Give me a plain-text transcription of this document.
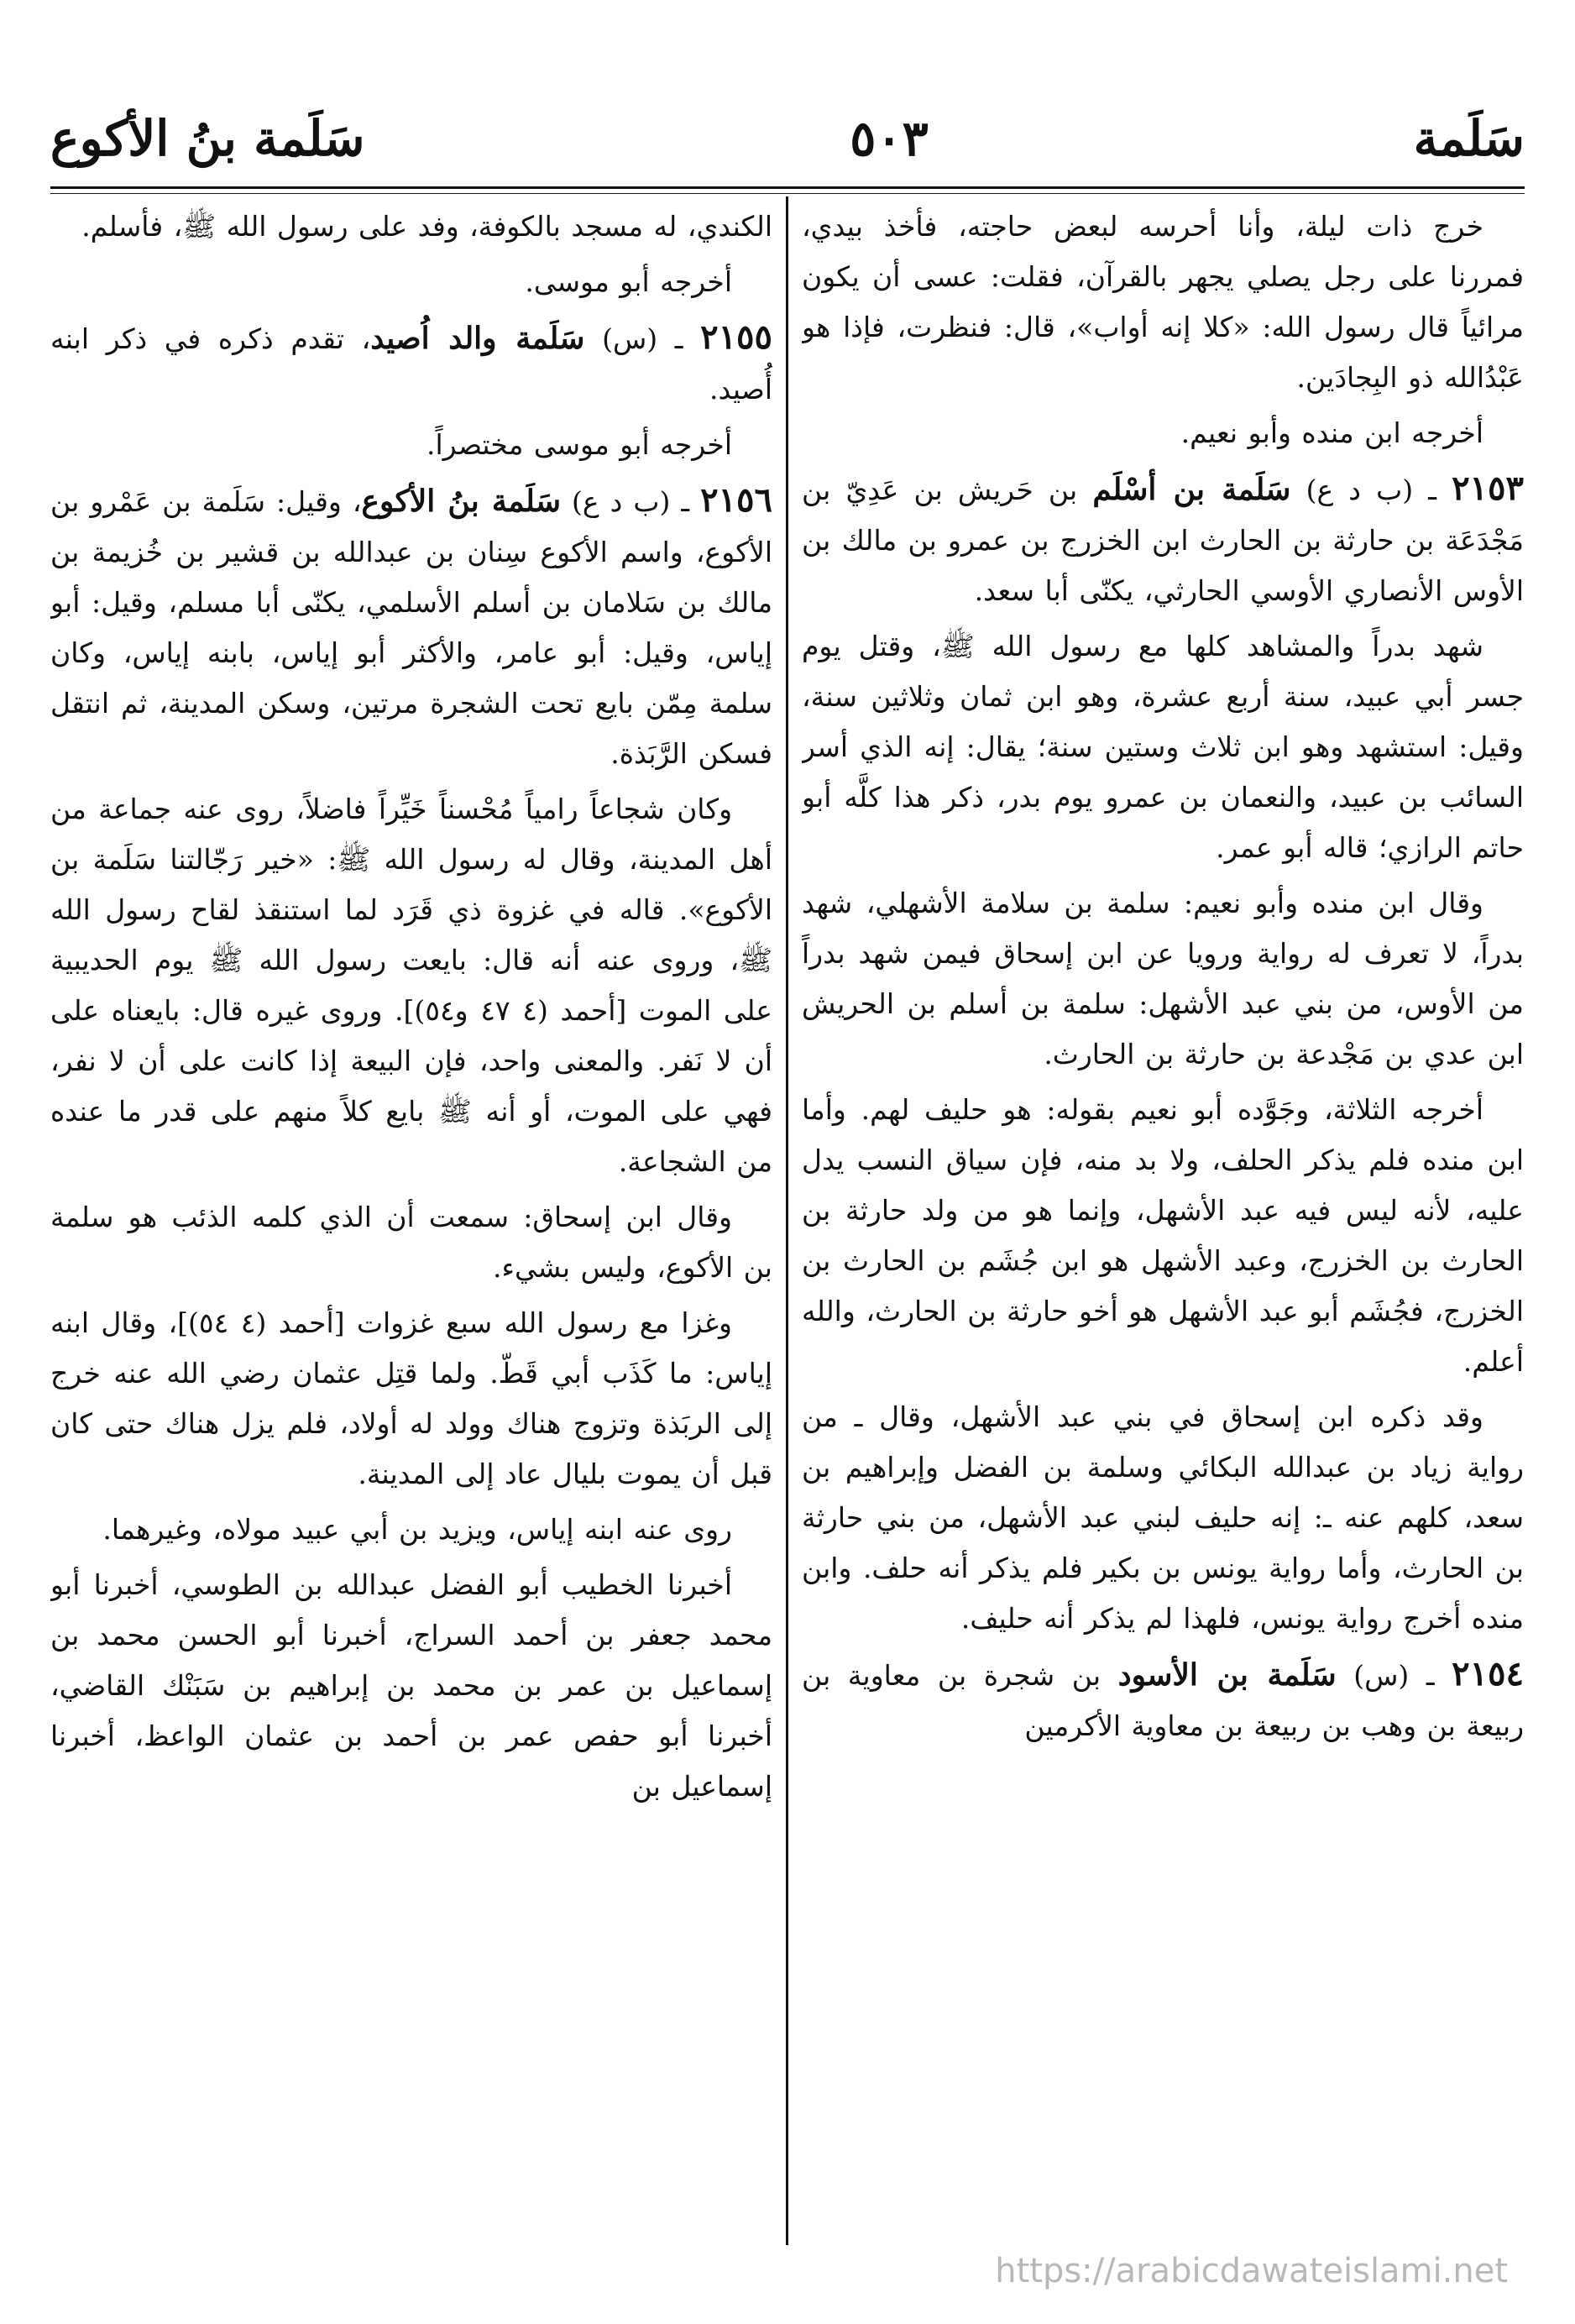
سَلَمة
٥٠٣
سَلَمة بنُ الأكوع

خرج ذات ليلة، وأنا أحرسه لبعض حاجته، فأخذ بيدي، فمررنا على رجل يصلي يجهر بالقرآن، فقلت: عسى أن يكون مرائياً قال رسول الله: «كلا إنه أواب»، قال: فنظرت، فإذا هو عَبْدُالله ذو البِجادَين.

أخرجه ابن منده وأبو نعيم.

٢١٥٣ ـ (ب د ع) سَلَمة بن أسْلَم بن حَريش بن عَدِيّ بن مَجْدَعَة بن حارثة بن الحارث ابن الخزرج بن عمرو بن مالك بن الأوس الأنصاري الأوسي الحارثي، يكنّى أبا سعد.

شهد بدراً والمشاهد كلها مع رسول الله ﷺ، وقتل يوم جسر أبي عبيد، سنة أربع عشرة، وهو ابن ثمان وثلاثين سنة، وقيل: استشهد وهو ابن ثلاث وستين سنة؛ يقال: إنه الذي أسر السائب بن عبيد، والنعمان بن عمرو يوم بدر، ذكر هذا كلَّه أبو حاتم الرازي؛ قاله أبو عمر.

وقال ابن منده وأبو نعيم: سلمة بن سلامة الأشهلي، شهد بدراً، لا تعرف له رواية ورويا عن ابن إسحاق فيمن شهد بدراً من الأوس، من بني عبد الأشهل: سلمة بن أسلم بن الحريش ابن عدي بن مَجْدعة بن حارثة بن الحارث.

أخرجه الثلاثة، وجَوَّده أبو نعيم بقوله: هو حليف لهم. وأما ابن منده فلم يذكر الحلف، ولا بد منه، فإن سياق النسب يدل عليه، لأنه ليس فيه عبد الأشهل، وإنما هو من ولد حارثة بن الحارث بن الخزرج، وعبد الأشهل هو ابن جُشَم بن الحارث بن الخزرج، فجُشَم أبو عبد الأشهل هو أخو حارثة بن الحارث، والله أعلم.

وقد ذكره ابن إسحاق في بني عبد الأشهل، وقال ـ من رواية زياد بن عبدالله البكائي وسلمة بن الفضل وإبراهيم بن سعد، كلهم عنه ـ: إنه حليف لبني عبد الأشهل، من بني حارثة بن الحارث، وأما رواية يونس بن بكير فلم يذكر أنه حلف. وابن منده أخرج رواية يونس، فلهذا لم يذكر أنه حليف.

٢١٥٤ ـ (س) سَلَمة بن الأسود بن شجرة بن معاوية بن ربيعة بن وهب بن ربيعة بن معاوية الأكرمين

الكندي، له مسجد بالكوفة، وفد على رسول الله ﷺ، فأسلم.

أخرجه أبو موسى.

٢١٥٥ ـ (س) سَلَمة والد اُصيد، تقدم ذكره في ذكر ابنه أُصيد.

أخرجه أبو موسى مختصراً.

٢١٥٦ ـ (ب د ع) سَلَمة بنُ الأكوع، وقيل: سَلَمة بن عَمْرو بن الأكوع، واسم الأكوع سِنان بن عبدالله بن قشير بن خُزيمة بن مالك بن سَلامان بن أسلم الأسلمي، يكنّى أبا مسلم، وقيل: أبو إياس، وقيل: أبو عامر، والأكثر أبو إياس، بابنه إياس، وكان سلمة مِمّن بايع تحت الشجرة مرتين، وسكن المدينة، ثم انتقل فسكن الرَّبَذة.

وكان شجاعاً رامياً مُحْسناً خَيِّراً فاضلاً، روى عنه جماعة من أهل المدينة، وقال له رسول الله ﷺ: «خير رَجّالتنا سَلَمة بن الأكوع». قاله في غزوة ذي قَرَد لما استنقذ لقاح رسول الله ﷺ، وروى عنه أنه قال: بايعت رسول الله ﷺ يوم الحديبية على الموت [أحمد (٤ ٤٧ و٥٤)]. وروى غيره قال: بايعناه على أن لا نَفر. والمعنى واحد، فإن البيعة إذا كانت على أن لا نفر، فهي على الموت، أو أنه ﷺ بايع كلاً منهم على قدر ما عنده من الشجاعة.

وقال ابن إسحاق: سمعت أن الذي كلمه الذئب هو سلمة بن الأكوع، وليس بشيء.

وغزا مع رسول الله سبع غزوات [أحمد (٤ ٥٤)]، وقال ابنه إياس: ما كَذَب أبي قَطّ. ولما قتِل عثمان رضي الله عنه خرج إلى الربَذة وتزوج هناك وولد له أولاد، فلم يزل هناك حتى كان قبل أن يموت بليال عاد إلى المدينة.

روى عنه ابنه إياس، ويزيد بن أبي عبيد مولاه، وغيرهما.

أخبرنا الخطيب أبو الفضل عبدالله بن الطوسي، أخبرنا أبو محمد جعفر بن أحمد السراج، أخبرنا أبو الحسن محمد بن إسماعيل بن عمر بن محمد بن إبراهيم بن سَبَنْك القاضي، أخبرنا أبو حفص عمر بن أحمد بن عثمان الواعظ، أخبرنا إسماعيل بن

https://arabicdawateislami.net
